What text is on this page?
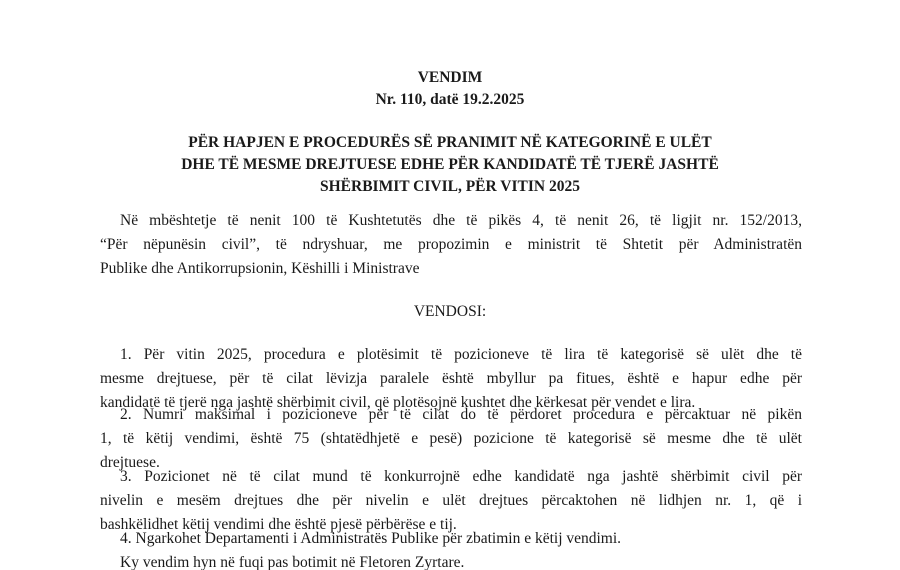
VENDIM

Nr. 110, datë 19.2.2025

PËR HAPJEN E PROCEDURËS SË PRANIMIT NË KATEGORINË E ULËT

DHE TË MESME DREJTUESE EDHE PËR KANDIDATË TË TJERË JASHTË

SHËRBIMIT CIVIL, PËR VITIN 2025

Në mbështetje të nenit 100 të Kushtetutës dhe të pikës 4, të nenit 26, të ligjit nr. 152/2013,
“Për nëpunësin civil”, të ndryshuar, me propozimin e ministrit të Shtetit për Administratën
Publike dhe Antikorrupsionin, Këshilli i Ministrave

VENDOSI:

1. Për vitin 2025, procedura e plotësimit të pozicioneve të lira të kategorisë së ulët dhe të
mesme drejtuese, për të cilat lëvizja paralele është mbyllur pa fitues, është e hapur edhe për
kandidatë të tjerë nga jashtë shërbimit civil, që plotësojnë kushtet dhe kërkesat për vendet e lira.
2. Numri maksimal i pozicioneve për të cilat do të përdoret procedura e përcaktuar në pikën
1, të këtij vendimi, është 75 (shtatëdhjetë e pesë) pozicione të kategorisë së mesme dhe të ulët
drejtuese.
3. Pozicionet në të cilat mund të konkurrojnë edhe kandidatë nga jashtë shërbimit civil për
nivelin e mesëm drejtues dhe për nivelin e ulët drejtues përcaktohen në lidhjen nr. 1, që i
bashkëlidhet këtij vendimi dhe është pjesë përbërëse e tij.
4. Ngarkohet Departamenti i Administratës Publike për zbatimin e këtij vendimi.
Ky vendim hyn në fuqi pas botimit në Fletoren Zyrtare.
